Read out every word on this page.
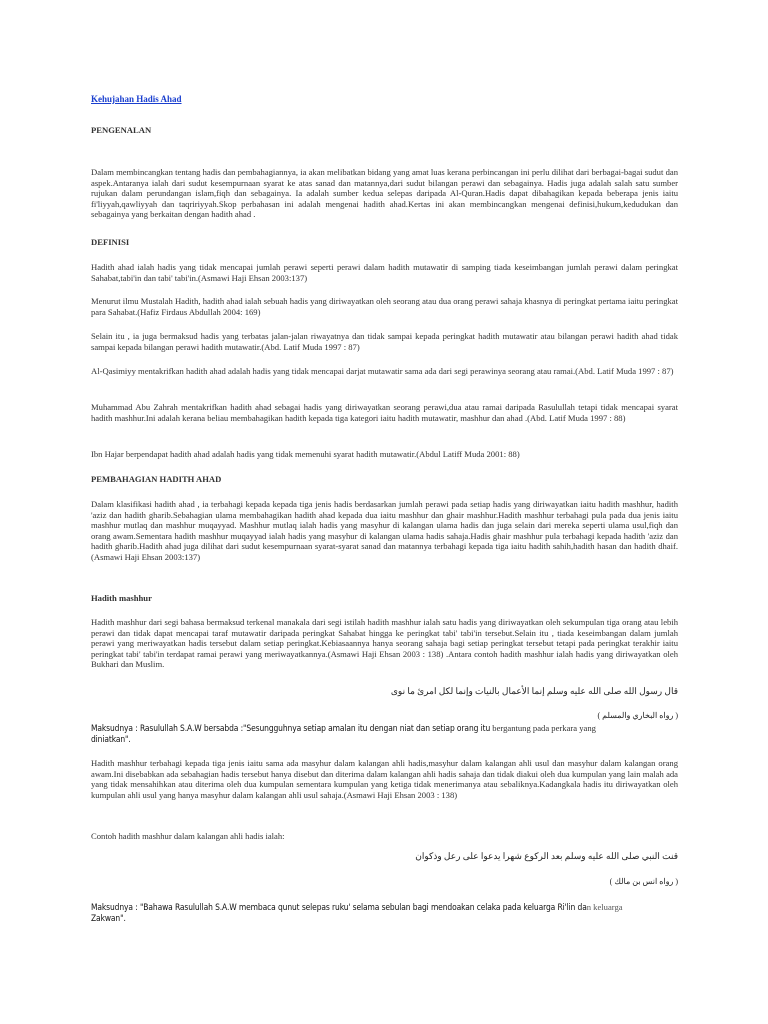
Kehujahan Hadis Ahad

PENGENALAN

Dalam membincangkan tentang hadis dan pembahagiannya, ia akan melibatkan bidang yang amat luas kerana perbincangan ini perlu dilihat dari berbagai-bagai sudut dan aspek.Antaranya ialah dari sudut kesempurnaan syarat ke atas sanad dan matannya,dari sudut bilangan perawi dan sebagainya. Hadis juga adalah salah satu sumber rujukan dalam perundangan islam,fiqh dan sebagainya. Ia adalah sumber kedua selepas daripada Al-Quran.Hadis dapat dibahagikan kepada beberapa jenis iaitu fi'liyyah,qawliyyah dan taqririyyah.Skop perbahasan ini adalah mengenai hadith ahad.Kertas ini akan membincangkan mengenai definisi,hukum,kedudukan dan sebagainya yang berkaitan dengan hadith ahad .

DEFINISI

Hadith ahad ialah hadis yang tidak mencapai jumlah perawi seperti perawi dalam hadith mutawatir di samping tiada keseimbangan jumlah perawi dalam peringkat Sahabat,tabi'in dan tabi' tabi'in.(Asmawi Haji Ehsan 2003:137)

Menurut ilmu Mustalah Hadith, hadith ahad ialah sebuah hadis yang diriwayatkan oleh seorang atau dua orang perawi sahaja khasnya di peringkat pertama iaitu peringkat para Sahabat.(Hafiz Firdaus Abdullah 2004: 169)

Selain itu , ia juga bermaksud hadis yang terbatas jalan-jalan riwayatnya dan tidak sampai kepada peringkat hadith mutawatir atau bilangan perawi hadith ahad tidak sampai kepada bilangan perawi hadith mutawatir.(Abd. Latif Muda 1997 : 87)

Al-Qasimiyy mentakrifkan hadith ahad adalah hadis yang tidak mencapai darjat mutawatir sama ada dari segi perawinya seorang atau ramai.(Abd. Latif Muda 1997 : 87)

Muhammad Abu Zahrah mentakrifkan hadith ahad sebagai hadis yang diriwayatkan seorang perawi,dua atau ramai daripada Rasulullah tetapi tidak mencapai syarat hadith mashhur.Ini adalah kerana beliau membahagikan hadith kepada tiga kategori iaitu hadith mutawatir, mashhur dan ahad .(Abd. Latif Muda 1997 : 88)

Ibn Hajar berpendapat hadith ahad adalah hadis yang tidak memenuhi syarat hadith mutawatir.(Abdul Latiff Muda 2001: 88)

PEMBAHAGIAN HADITH AHAD

Dalam klasifikasi hadith ahad , ia terbahagi kepada kepada tiga jenis hadis berdasarkan jumlah perawi pada setiap hadis yang diriwayatkan iaitu hadith mashhur, hadith 'aziz dan hadith gharib.Sebahagian ulama membahagikan hadith ahad kepada dua iaitu mashhur dan ghair mashhur.Hadith mashhur terbahagi pula pada dua jenis iaitu mashhur mutlaq dan mashhur muqayyad. Mashhur mutlaq ialah hadis yang masyhur di kalangan ulama hadis dan juga selain dari mereka seperti ulama usul,fiqh dan orang awam.Sementara hadith mashhur muqayyad ialah hadis yang masyhur di kalangan ulama hadis sahaja.Hadis ghair mashhur pula terbahagi kepada hadith 'aziz dan hadith gharib.Hadith ahad juga dilihat dari sudut kesempurnaan syarat-syarat sanad dan matannya terbahagi kepada tiga iaitu hadith sahih,hadith hasan dan hadith dhaif.(Asmawi Haji Ehsan 2003:137)

Hadith mashhur

Hadith mashhur dari segi bahasa bermaksud terkenal manakala dari segi istilah hadith mashhur ialah satu hadis yang diriwayatkan oleh sekumpulan tiga orang atau lebih perawi dan tidak dapat mencapai taraf mutawatir daripada peringkat Sahabat hingga ke peringkat tabi' tabi'in tersebut.Selain itu , tiada keseimbangan dalam jumlah perawi yang meriwayatkan hadis tersebut dalam setiap peringkat.Kebiasaannya hanya seorang sahaja bagi setiap peringkat tersebut tetapi pada peringkat terakhir iaitu peringkat tabi' tabi'in terdapat ramai perawi yang meriwayatkannya.(Asmawi Haji Ehsan 2003 : 138) .Antara contoh hadith mashhur ialah hadis yang diriwayatkan oleh Bukhari dan Muslim.

قال رسول الله صلى الله عليه وسلم إنما الأعمال بالنيات وإنما لكل امرئ ما نوى
( رواه البخاري والمسلم )

Maksudnya : Rasulullah S.A.W bersabda :"Sesungguhnya setiap amalan itu dengan niat dan setiap orang itu bergantung pada perkara yang
diniatkan".

Hadith mashhur terbahagi kepada tiga jenis iaitu sama ada masyhur dalam kalangan ahli hadis,masyhur dalam kalangan ahli usul dan masyhur dalam kalangan orang awam.Ini disebabkan ada sebahagian hadis tersebut hanya disebut dan diterima dalam kalangan ahli hadis sahaja dan tidak diakui oleh dua kumpulan yang lain malah ada yang tidak mensahihkan atau diterima oleh dua kumpulan sementara kumpulan yang ketiga tidak menerimanya atau sebaliknya.Kadangkala hadis itu diriwayatkan oleh kumpulan ahli usul yang hanya masyhur dalam kalangan ahli usul sahaja.(Asmawi Haji Ehsan 2003 : 138)

Contoh hadith mashhur dalam kalangan ahli hadis ialah:

قنت النبي صلى الله عليه وسلم بعد الركوع شهرا يدعوا على رعل وذكوان
( رواه انس بن مالك )

Maksudnya : "Bahawa Rasulullah S.A.W membaca qunut selepas ruku' selama sebulan bagi mendoakan celaka pada keluarga Ri'lin dan keluarga
Zakwan".
